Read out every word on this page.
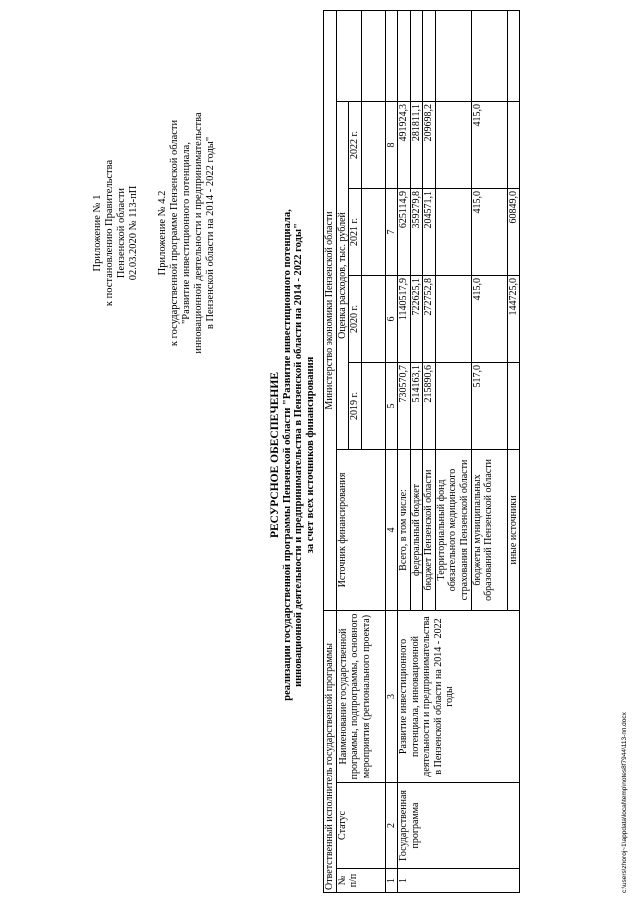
Приложение № 1 к постановлению Правительства Пензенской области 02.03.2020 № 113-пП Приложение № 4.2 к государственной программе Пензенской области "Развитие инвестиционного потенциала, инновационной деятельности и предпринимательства в Пензенской области на 2014 - 2022 годы"
РЕСУРСНОЕ ОБЕСПЕЧЕНИЕ реализации государственной программы Пензенской области "Развитие инвестиционного потенциала, инновационной деятельности и предпринимательства в Пензенской области на 2014 - 2022 годы" за счет всех источников финансирования
Ответственный исполнитель государственной программы			Министерство экономики Пензенской области					
№ п/п	Статус	Наименование государственной программы, подпрограммы, основного мероприятия (регионального проекта)	Источник финансирования	Оценка расходов, тыс. рублей				
				2019 г.	2020 г.	2021 г.	2022 г.	

1	2	3	4	5	6	7	8	
1	Государственная программа	Развитие инвестиционного потенциала, инновационной деятельности и предпринимательства в Пензенской области на 2014 - 2022 годы	Всего, в том числе:	730570,7	1140517,9	625114,9	491924,3	
			федеральный бюджет	514163,1	722625,1	359279,8	281811,1	
			бюджет Пензенской области	215890,6	272752,8	204571,1	209698,2	
			Территориальный фонд обязательного медицинского страхования Пензенской области					
			бюджеты муниципальных образований Пензенской области	517,0	415,0	415,0	415,0	
			иные источники		144725,0	60849,0		
c:\users\zhoroj~1\appdata\local\temp\notes8f7944\113-пп.docx
